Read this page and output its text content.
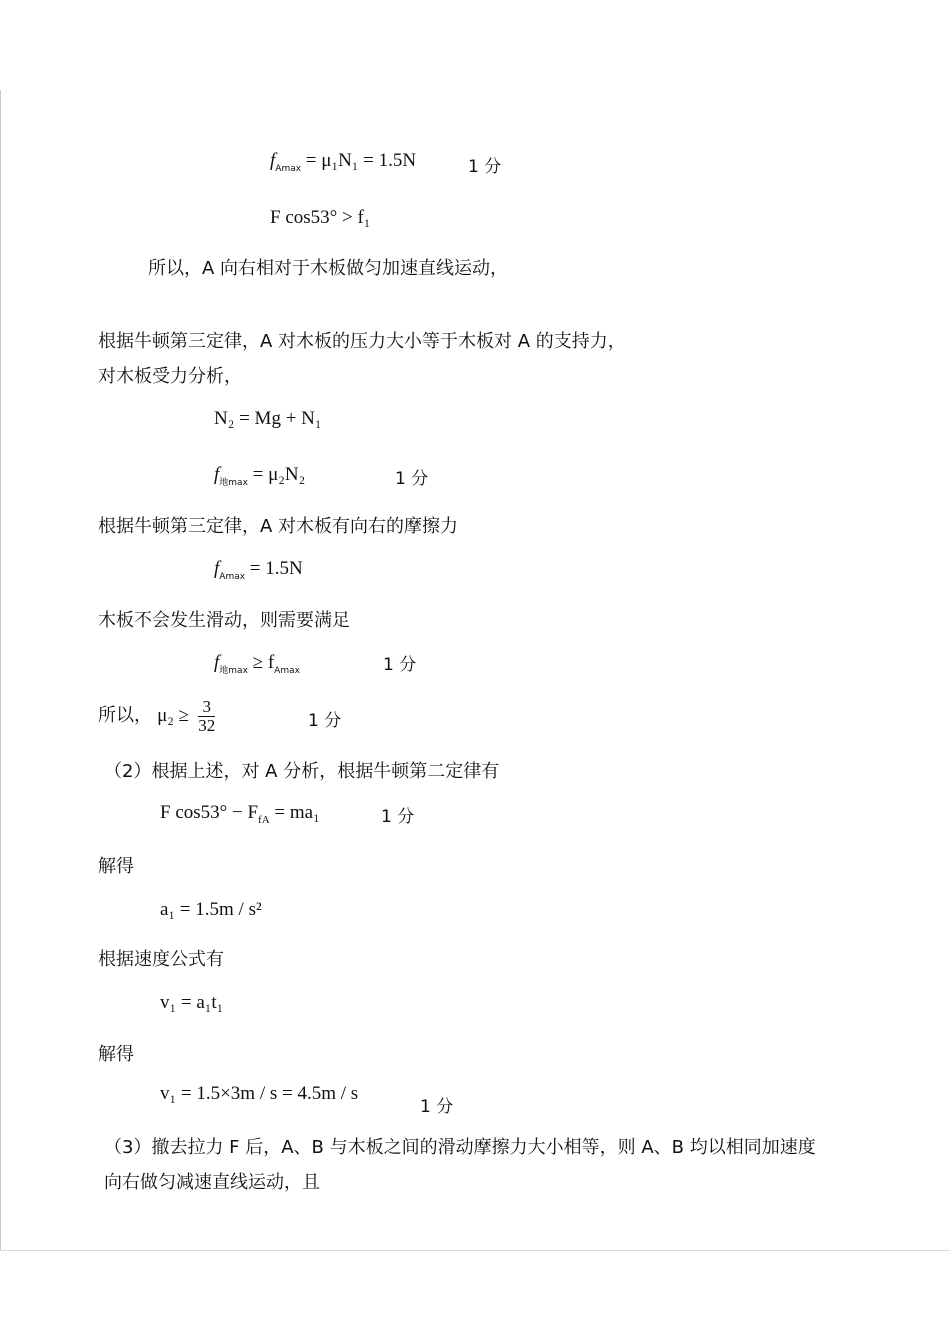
$f_{Amax} = \mu_1N_1 = 1.5N$	1 分
F cos53° > f₁
所以，A 向右相对于木板做匀加速直线运动，
根据牛顿第三定律，A 对木板的压力大小等于木板对 A 的支持力，
对木板受力分析，
N₂ = Mg + N₁
$f_{地max} = \mu_2N_2$	1 分
根据牛顿第三定律，A 对木板有向右的摩擦力
$f_{Amax} = 1.5N$
木板不会发生滑动，则需要满足
$f_{地max} \ge f_{Amax}$	1 分
所以， $\mu_2 \ge \frac{3}{32}$	1 分
（2）根据上述，对 A 分析，根据牛顿第二定律有
F $\cos 53^\circ - F_{fA} = ma_1$	1 分
解得
a₁ = 1.5m / s²
根据速度公式有
v₁ = a₁t₁
解得
v₁ = 1.5×3m / s = 4.5m / s
1 分
（3）撤去拉力 F 后，A、B 与木板之间的滑动摩擦力大小相等，则 A、B 均以相同加速度
向右做匀减速直线运动，且
